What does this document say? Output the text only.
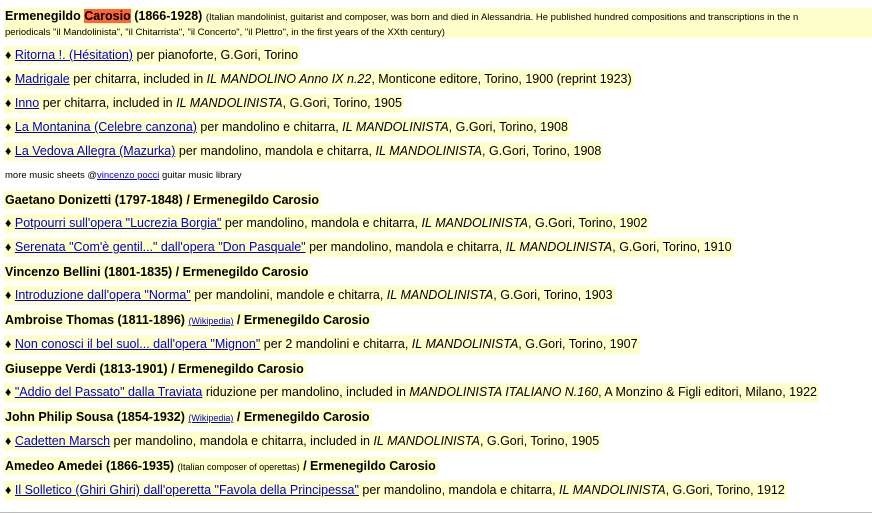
Ermenegildo Carosio (1866-1928) (Italian mandolinist, guitarist and composer, was born and died in Alessandria. He published hundred compositions and transcriptions in the n
periodicals "il Mandolinista", "il Chitarrista", "il Concerto", "il Plettro", in the first years of the XXth century)
♦ Ritorna !. (Hésitation) per pianoforte, G.Gori, Torino
♦ Madrigale per chitarra, included in IL MANDOLINO Anno IX n.22, Monticone editore, Torino, 1900 (reprint 1923)
♦ Inno per chitarra, included in IL MANDOLINISTA, G.Gori, Torino, 1905
♦ La Montanina (Celebre canzona) per mandolino e chitarra, IL MANDOLINISTA, G.Gori, Torino, 1908
♦ La Vedova Allegra (Mazurka) per mandolino, mandola e chitarra, IL MANDOLINISTA, G.Gori, Torino, 1908
more music sheets @vincenzo pocci guitar music library
Gaetano Donizetti (1797-1848) / Ermenegildo Carosio
♦ Potpourri sull'opera "Lucrezia Borgia" per mandolino, mandola e chitarra, IL MANDOLINISTA, G.Gori, Torino, 1902
♦ Serenata "Com'è gentil..." dall'opera "Don Pasquale" per mandolino, mandola e chitarra, IL MANDOLINISTA, G.Gori, Torino, 1910
Vincenzo Bellini (1801-1835) / Ermenegildo Carosio
♦ Introduzione dall'opera "Norma" per mandolini, mandole e chitarra, IL MANDOLINISTA, G.Gori, Torino, 1903
Ambroise Thomas (1811-1896) (Wikipedia) / Ermenegildo Carosio
♦ Non conosci il bel suol... dall'opera "Mignon" per 2 mandolini e chitarra, IL MANDOLINISTA, G.Gori, Torino, 1907
Giuseppe Verdi (1813-1901) / Ermenegildo Carosio
♦ "Addio del Passato" dalla Traviata riduzione per mandolino, included in MANDOLINISTA ITALIANO N.160, A Monzino & Figli editori, Milano, 1922
John Philip Sousa (1854-1932) (Wikipedia) / Ermenegildo Carosio
♦ Cadetten Marsch per mandolino, mandola e chitarra, included in IL MANDOLINISTA, G.Gori, Torino, 1905
Amedeo Amedei (1866-1935) (Italian composer of operettas) / Ermenegildo Carosio
♦ Il Solletico (Ghiri Ghiri) dall'operetta "Favola della Principessa" per mandolino, mandola e chitarra, IL MANDOLINISTA, G.Gori, Torino, 1912
